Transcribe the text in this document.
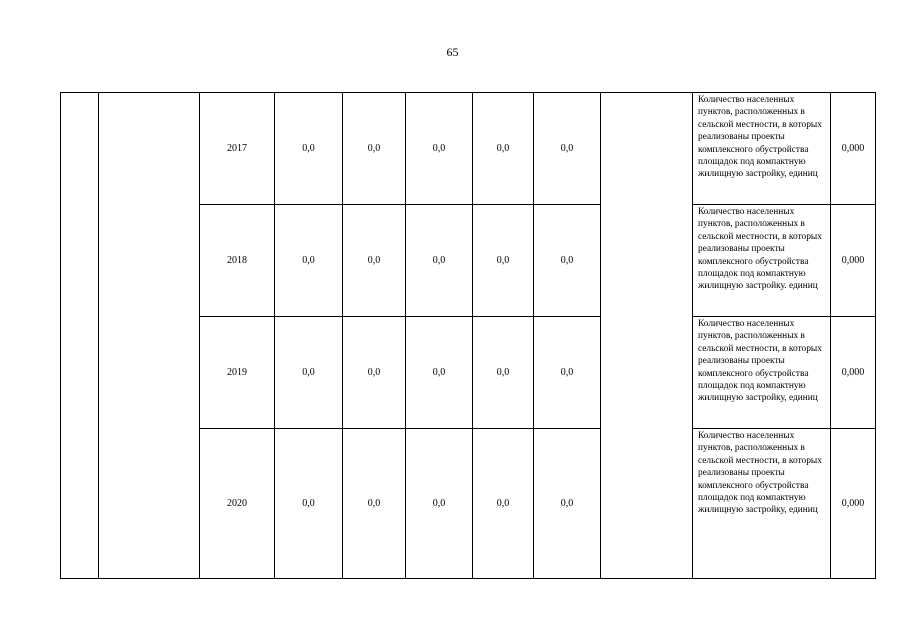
65
		2017	0,0	0,0	0,0	0,0	0,0		Количество населенных пунктов, расположенных в сельской местности, в которых реализованы проекты комплексного обустройства площадок под компактную жилищную застройку, единиц	0,000
		2018	0,0	0,0	0,0	0,0	0,0		Количество населенных пунктов, расположенных в сельской местности, в которых реализованы проекты комплексного обустройства площадок под компактную жилищную застройку. единиц	0,000
		2019	0,0	0,0	0,0	0,0	0,0		Количество населенных пунктов, расположенных в сельской местности, в которых реализованы проекты комплексного обустройства площадок под компактную жилищную застройку, единиц	0,000
		2020	0,0	0,0	0,0	0,0	0,0		Количество населенных пунктов, расположенных в сельской местности, в которых реализованы проекты комплексного обустройства площадок под компактную жилищную застройку, единиц	0,000
